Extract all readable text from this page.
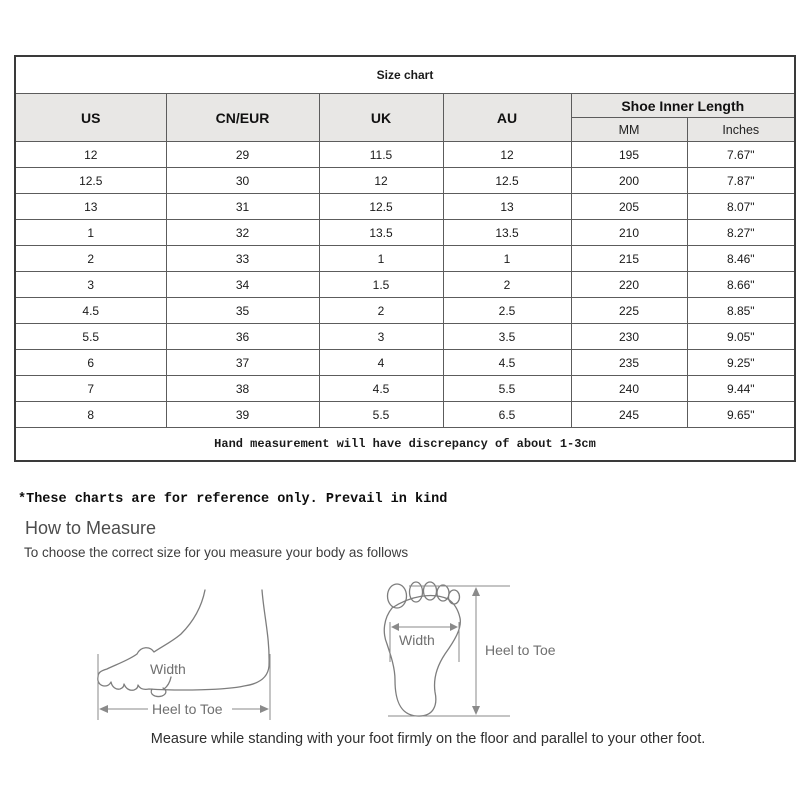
Size chart					
US	CN/EUR	UK	AU	Shoe Inner Length	
				MM	Inches
12	29	11.5	12	195	7.67"
12.5	30	12	12.5	200	7.87"
13	31	12.5	13	205	8.07"
1	32	13.5	13.5	210	8.27"
2	33	1	1	215	8.46"
3	34	1.5	2	220	8.66"
4.5	35	2	2.5	225	8.85"
5.5	36	3	3.5	230	9.05"
6	37	4	4.5	235	9.25"
7	38	4.5	5.5	240	9.44"
8	39	5.5	6.5	245	9.65"
Hand measurement will have discrepancy of about 1-3cm					

*These charts are for reference only. Prevail in kind

How to Measure

To choose the correct size for you measure your body as follows

Width
Heel to Toe
Width
Heel to Toe

Measure while standing with your foot firmly on the floor and parallel to your other foot.
